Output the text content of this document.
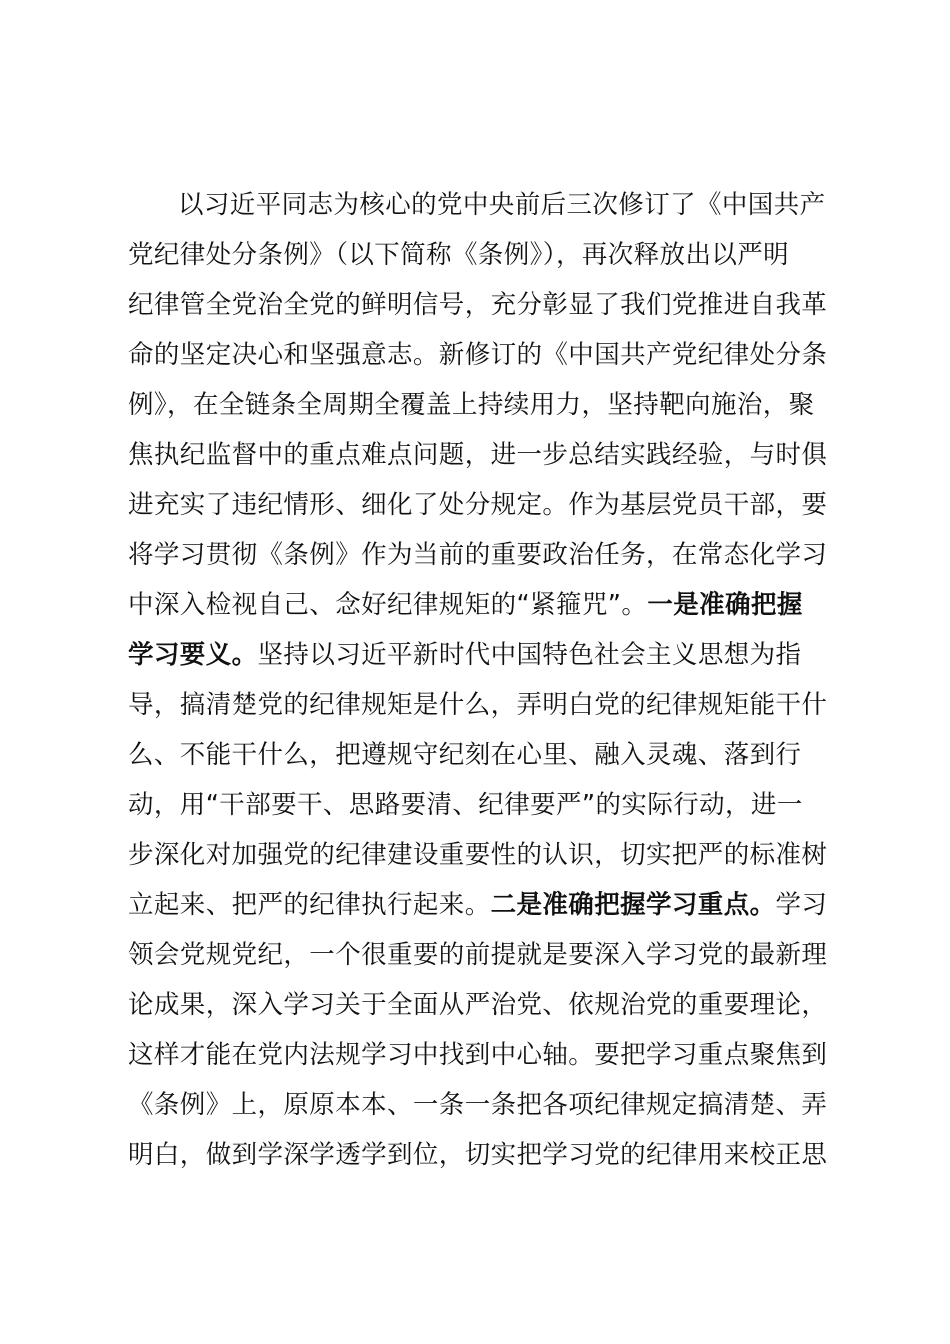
以习近平同志为核心的党中央前后三次修订了《中国共产
党纪律处分条例》（以下简称《条例》），再次释放出以严明
纪律管全党治全党的鲜明信号，充分彰显了我们党推进自我革
命的坚定决心和坚强意志。新修订的《中国共产党纪律处分条
例》，在全链条全周期全覆盖上持续用力，坚持靶向施治，聚
焦执纪监督中的重点难点问题，进一步总结实践经验，与时俱
进充实了违纪情形、细化了处分规定。作为基层党员干部，要
将学习贯彻《条例》作为当前的重要政治任务，在常态化学习
中深入检视自己、念好纪律规矩的“紧箍咒”。一是准确把握
学习要义。坚持以习近平新时代中国特色社会主义思想为指
导，搞清楚党的纪律规矩是什么，弄明白党的纪律规矩能干什
么、不能干什么，把遵规守纪刻在心里、融入灵魂、落到行
动，用“干部要干、思路要清、纪律要严”的实际行动，进一
步深化对加强党的纪律建设重要性的认识，切实把严的标准树
立起来、把严的纪律执行起来。二是准确把握学习重点。学习
领会党规党纪，一个很重要的前提就是要深入学习党的最新理
论成果，深入学习关于全面从严治党、依规治党的重要理论，
这样才能在党内法规学习中找到中心轴。要把学习重点聚焦到
《条例》上，原原本本、一条一条把各项纪律规定搞清楚、弄
明白，做到学深学透学到位，切实把学习党的纪律用来校正思
